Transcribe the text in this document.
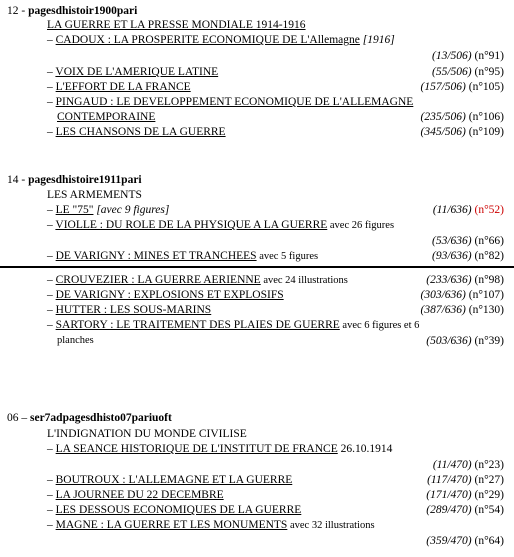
12 - pagesdhistoir1900pari
LA GUERRE ET LA PRESSE MONDIALE 1914-1916
– CADOUX : LA PROSPERITE ECONOMIQUE DE L'Allemagne [1916]
(13/506) (n°91)
– VOIX DE L'AMERIQUE LATINE	(55/506) (n°95)
– L'EFFORT DE LA FRANCE	(157/506) (n°105)
– PINGAUD : LE DEVELOPPEMENT ECONOMIQUE DE L'ALLEMAGNE
CONTEMPORAINE	(235/506) (n°106)
– LES CHANSONS DE LA GUERRE	(345/506) (n°109)
14 - pagesdhistoire1911pari
LES ARMEMENTS
– LE "75" [avec 9 figures]	(11/636) (n°52)
– VIOLLE : DU ROLE DE LA PHYSIQUE A LA GUERRE avec 26 figures
(53/636) (n°66)
– DE VARIGNY : MINES ET TRANCHEES avec 5 figures	(93/636) (n°82)
– CROUVEZIER : LA GUERRE AERIENNE avec 24 illustrations	(233/636) (n°98)
– DE VARIGNY : EXPLOSIONS ET EXPLOSIFS	(303/636) (n°107)
– HUTTER : LES SOUS-MARINS	(387/636) (n°130)
– SARTORY : LE TRAITEMENT DES PLAIES DE GUERRE avec 6 figures et 6
planches	(503/636) (n°39)
06 – ser7adpagesdhisto07pariuoft
L'INDIGNATION DU MONDE CIVILISE
– LA SEANCE HISTORIQUE DE L'INSTITUT DE FRANCE 26.10.1914
(11/470) (n°23)
– BOUTROUX : L'ALLEMAGNE ET LA GUERRE	(117/470) (n°27)
– LA JOURNEE DU 22 DECEMBRE	(171/470) (n°29)
– LES DESSOUS ECONOMIQUES DE LA GUERRE	(289/470) (n°54)
– MAGNE : LA GUERRE ET LES MONUMENTS avec 32 illustrations
(359/470) (n°64)
